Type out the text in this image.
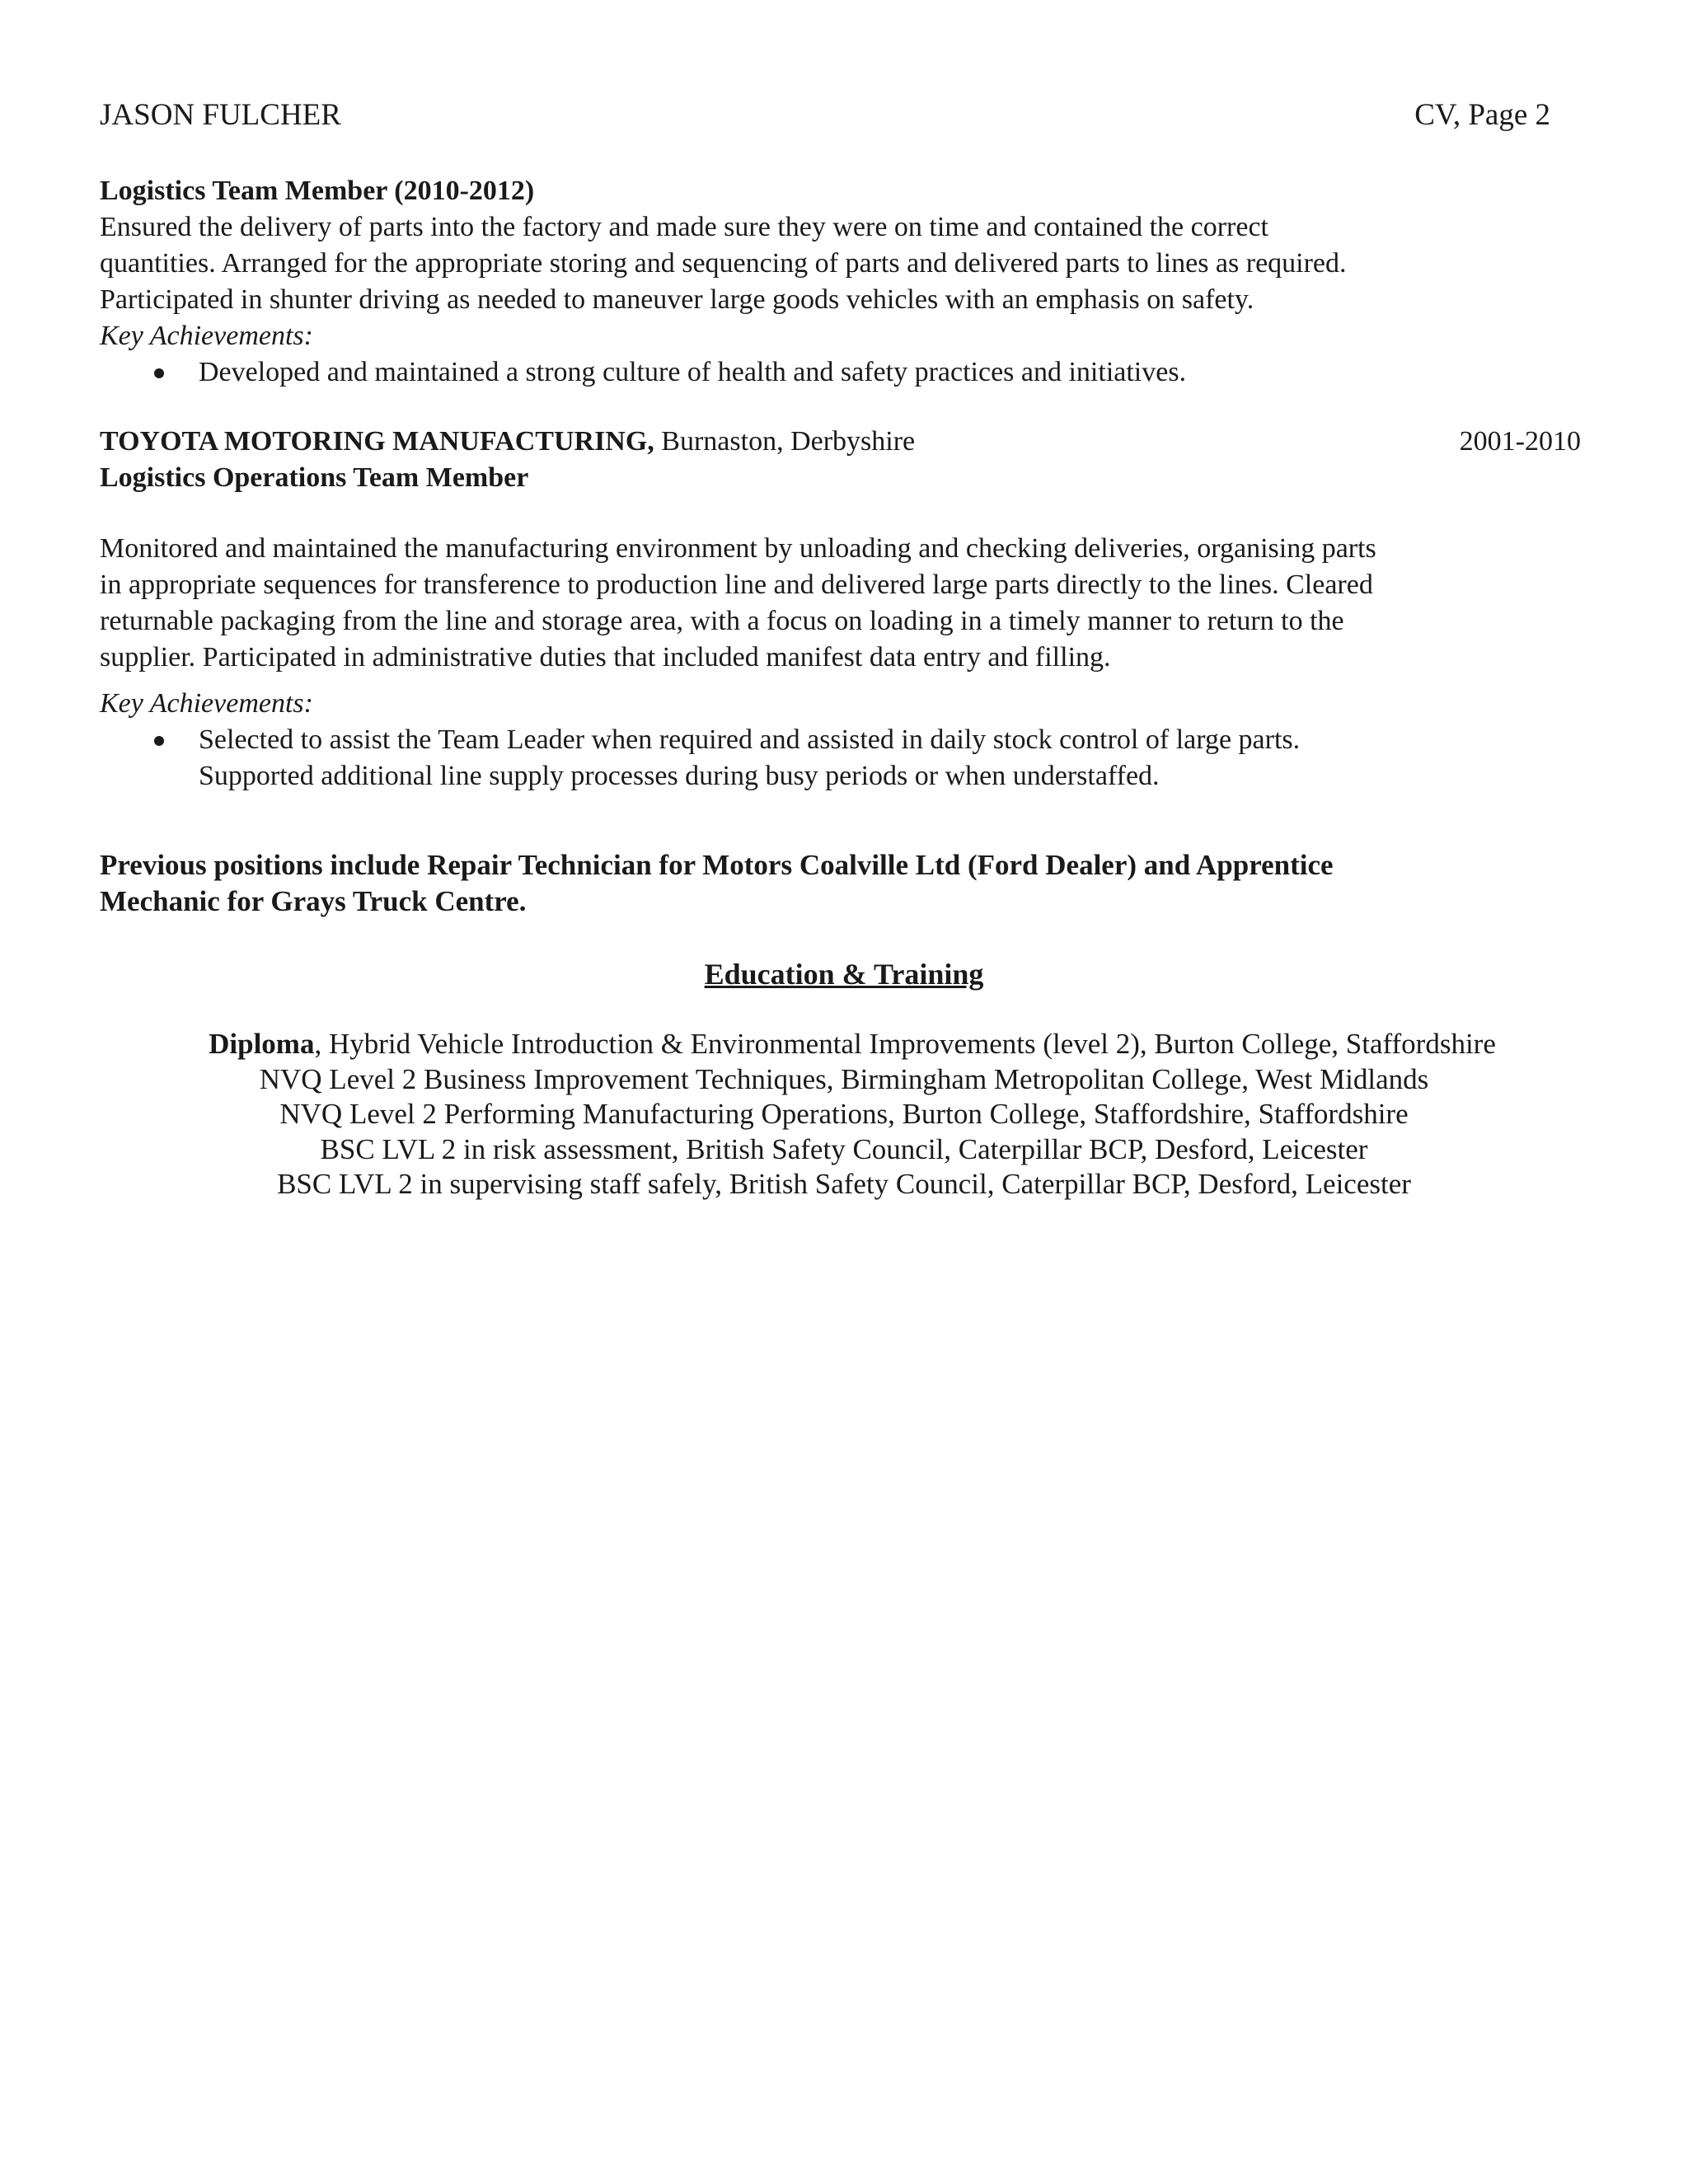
JASON FULCHER	CV, Page 2

Logistics Team Member (2010-2012)

Ensured the delivery of parts into the factory and made sure they were on time and contained the correct

quantities. Arranged for the appropriate storing and sequencing of parts and delivered parts to lines as required.

Participated in shunter driving as needed to maneuver large goods vehicles with an emphasis on safety.

Key Achievements:

Developed and maintained a strong culture of health and safety practices and initiatives.
TOYOTA MOTORING MANUFACTURING, Burnaston, Derbyshire	2001-2010

Logistics Operations Team Member

Monitored and maintained the manufacturing environment by unloading and checking deliveries, organising parts

in appropriate sequences for transference to production line and delivered large parts directly to the lines. Cleared

returnable packaging from the line and storage area, with a focus on loading in a timely manner to return to the

supplier. Participated in administrative duties that included manifest data entry and filling.

Key Achievements:

Selected to assist the Team Leader when required and assisted in daily stock control of large parts.
Supported additional line supply processes during busy periods or when understaffed.

Previous positions include Repair Technician for Motors Coalville Ltd (Ford Dealer) and Apprentice

Mechanic for Grays Truck Centre.

Education & Training
Diploma, Hybrid Vehicle Introduction & Environmental Improvements (level 2), Burton College, Staffordshire
NVQ Level 2 Business Improvement Techniques, Birmingham Metropolitan College, West Midlands
NVQ Level 2 Performing Manufacturing Operations, Burton College, Staffordshire, Staffordshire
BSC LVL 2 in risk assessment, British Safety Council, Caterpillar BCP, Desford, Leicester
BSC LVL 2 in supervising staff safely, British Safety Council, Caterpillar BCP, Desford, Leicester
